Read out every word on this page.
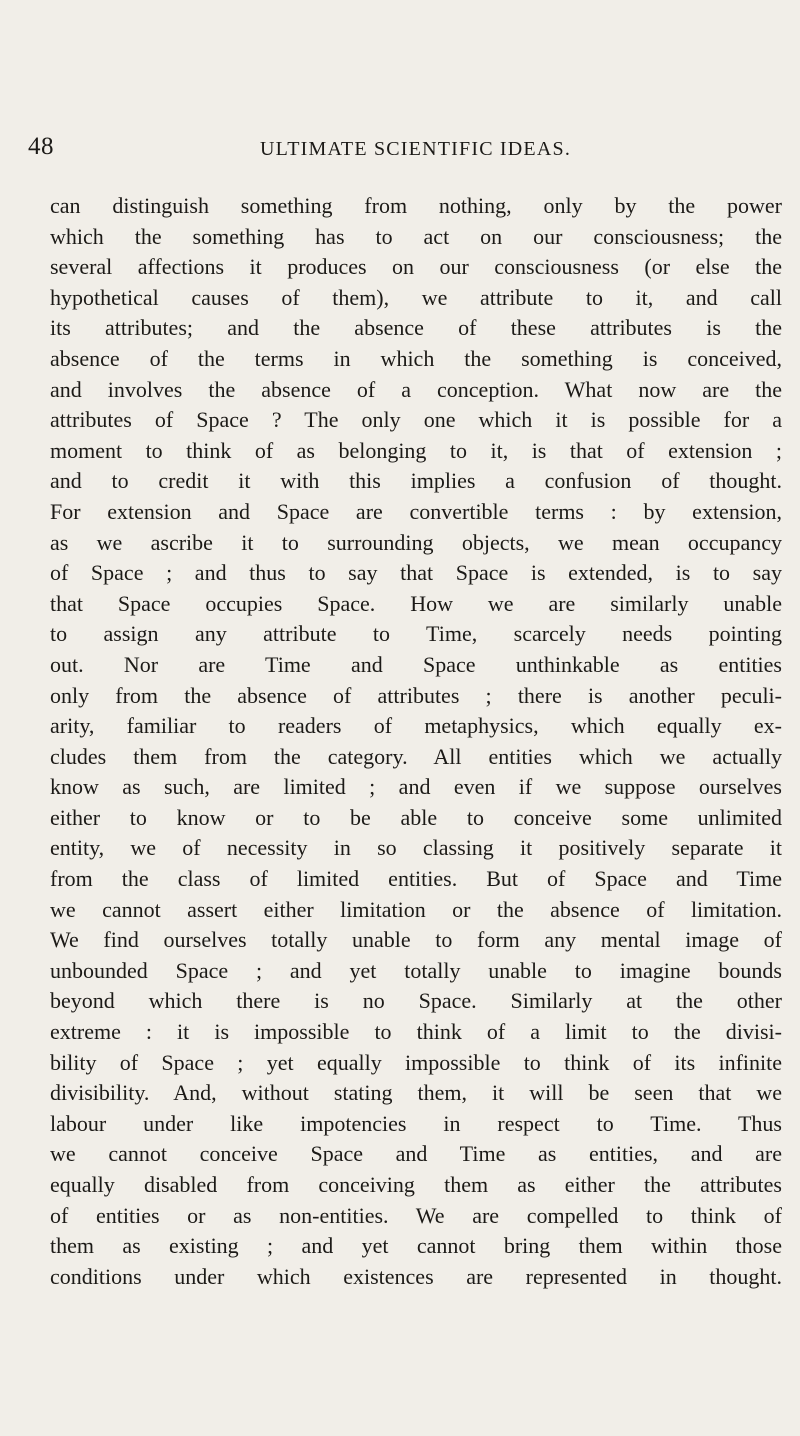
48	ULTIMATE SCIENTIFIC IDEAS.
can distinguish something from nothing, only by the power
which the something has to act on our consciousness; the
several affections it produces on our consciousness (or else the
hypothetical causes of them), we attribute to it, and call
its attributes; and the absence of these attributes is the
absence of the terms in which the something is conceived,
and involves the absence of a conception. What now are the
attributes of Space ? The only one which it is possible for a
moment to think of as belonging to it, is that of extension ;
and to credit it with this implies a confusion of thought.
For extension and Space are convertible terms : by extension,
as we ascribe it to surrounding objects, we mean occupancy
of Space ; and thus to say that Space is extended, is to say
that Space occupies Space. How we are similarly unable
to assign any attribute to Time, scarcely needs pointing
out. Nor are Time and Space unthinkable as entities
only from the absence of attributes ; there is another peculi-
arity, familiar to readers of metaphysics, which equally ex-
cludes them from the category. All entities which we actually
know as such, are limited ; and even if we suppose ourselves
either to know or to be able to conceive some unlimited
entity, we of necessity in so classing it positively separate it
from the class of limited entities. But of Space and Time
we cannot assert either limitation or the absence of limitation.
We find ourselves totally unable to form any mental image of
unbounded Space ; and yet totally unable to imagine bounds
beyond which there is no Space. Similarly at the other
extreme : it is impossible to think of a limit to the divisi-
bility of Space ; yet equally impossible to think of its infinite
divisibility. And, without stating them, it will be seen that we
labour under like impotencies in respect to Time. Thus
we cannot conceive Space and Time as entities, and are
equally disabled from conceiving them as either the attributes
of entities or as non-entities. We are compelled to think of
them as existing ; and yet cannot bring them within those
conditions under which existences are represented in thought.
